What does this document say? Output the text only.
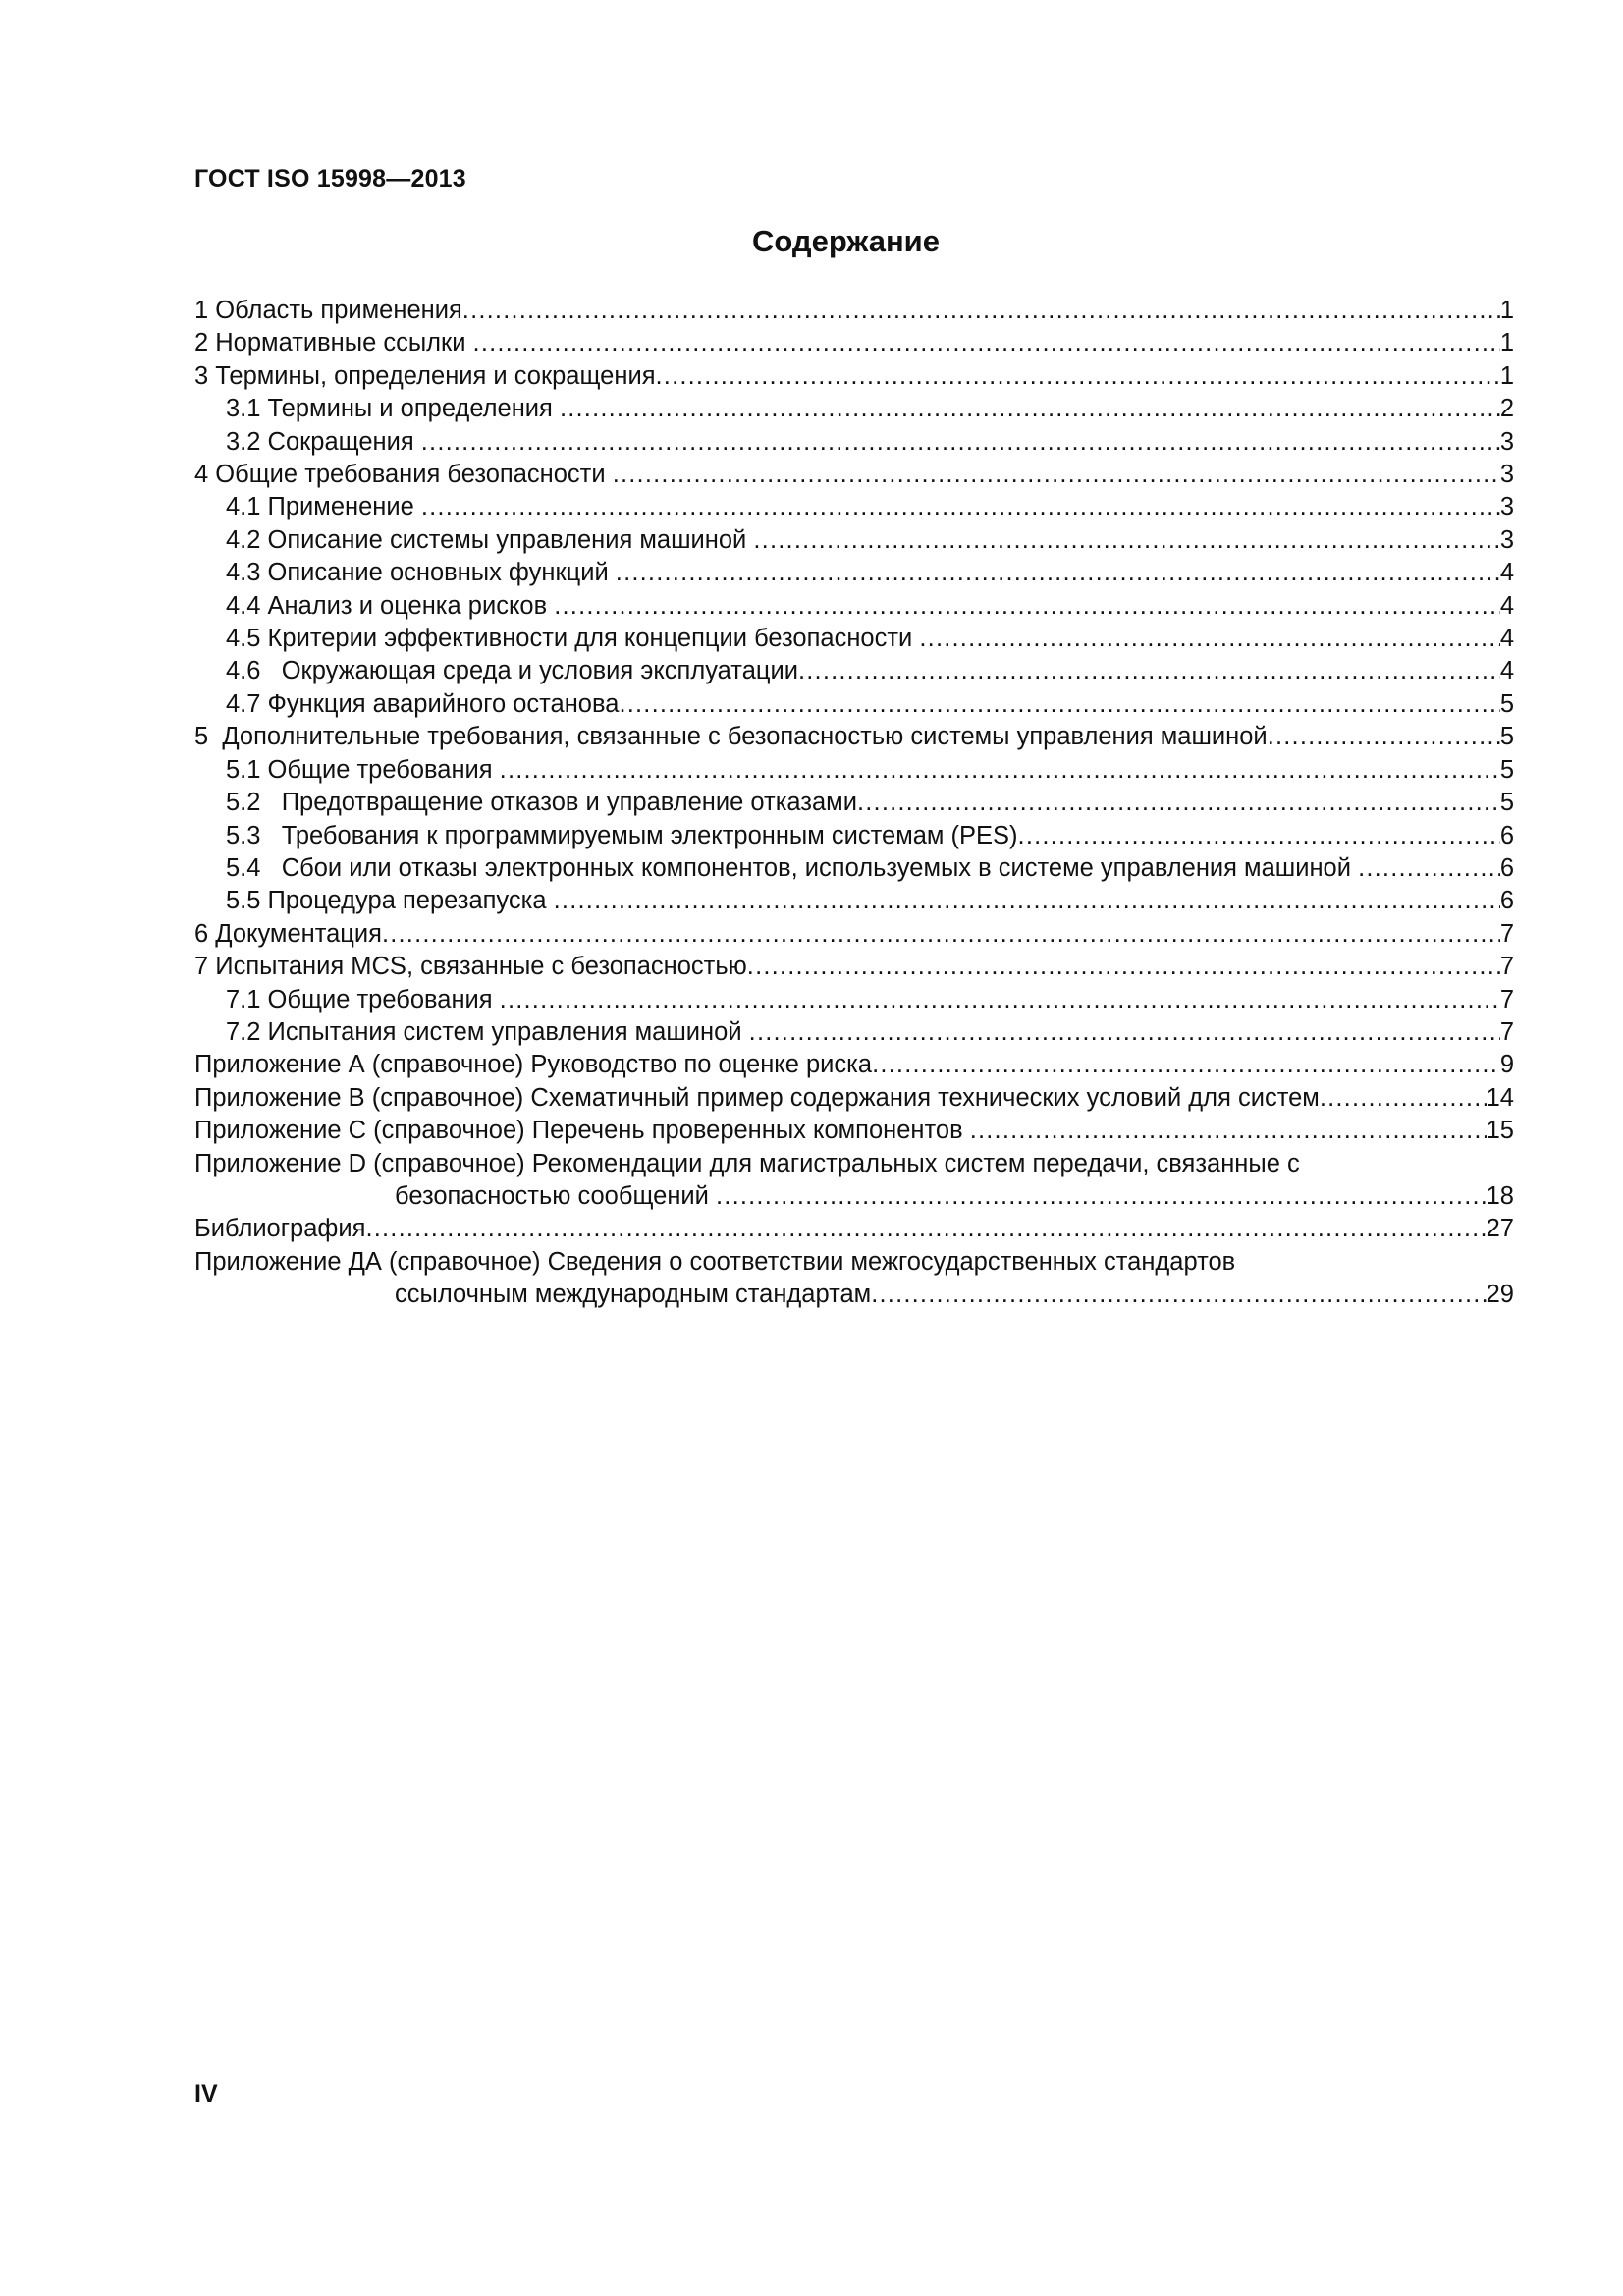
ГОСТ ISO 15998—2013
Содержание
1 Область применения .....	1
2 Нормативные ссылки .....	1
3 Термины, определения и сокращения .....	1
3.1 Термины и определения .....	2
3.2 Сокращения .....	3
4 Общие требования безопасности .....	3
4.1 Применение .....	3
4.2 Описание системы управления машиной .....	3
4.3 Описание основных функций .....	4
4.4 Анализ и оценка рисков .....	4
4.5 Критерии эффективности для концепции безопасности .....	4
4.6   Окружающая среда и условия эксплуатации .....	4
4.7 Функция аварийного останова .....	5
5  Дополнительные требования, связанные с безопасностью системы управления машиной .....	5
5.1 Общие требования .....	5
5.2   Предотвращение отказов и управление отказами .....	5
5.3   Требования к программируемым электронным системам (PES) .....	6
5.4   Сбои или отказы электронных компонентов, используемых в системе управления машиной .....	6
5.5 Процедура перезапуска .....	6
6 Документация .....	7
7 Испытания MCS, связанные с безопасностью .....	7
7.1 Общие требования .....	7
7.2 Испытания систем управления машиной .....	7
Приложение А (справочное) Руководство по оценке риска .....	9
Приложение В (справочное) Схематичный пример содержания технических условий для систем .....	14
Приложение С (справочное) Перечень проверенных компонентов .....	15
Приложение D (справочное) Рекомендации для магистральных систем передачи, связанные с
безопасностью сообщений .....	18
Библиография .....	27
Приложение ДА (справочное) Сведения о соответствии межгосударственных стандартов
ссылочным международным стандартам .....	29
IV
